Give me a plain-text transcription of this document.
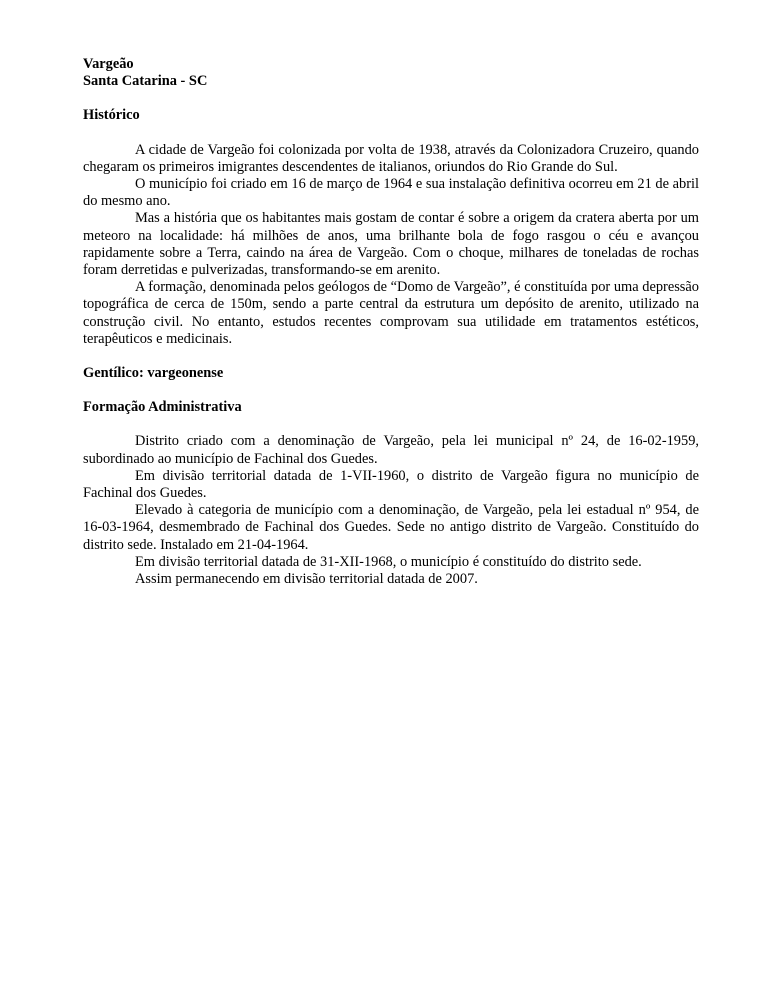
Vargeão

Santa Catarina - SC

Histórico

A cidade de Vargeão foi colonizada por volta de 1938, através da Colonizadora Cruzeiro, quando chegaram os primeiros imigrantes descendentes de italianos, oriundos do Rio Grande do Sul.

O município foi criado em 16 de março de 1964 e sua instalação definitiva ocorreu em 21 de abril do mesmo ano.

Mas a história que os habitantes mais gostam de contar é sobre a origem da cratera aberta por um meteoro na localidade: há milhões de anos, uma brilhante bola de fogo rasgou o céu e avançou rapidamente sobre a Terra, caindo na área de Vargeão. Com o choque, milhares de toneladas de rochas foram derretidas e pulverizadas, transformando-se em arenito.

A formação, denominada pelos geólogos de “Domo de Vargeão”, é constituída por uma depressão topográfica de cerca de 150m, sendo a parte central da estrutura um depósito de arenito, utilizado na construção civil. No entanto, estudos recentes comprovam sua utilidade em tratamentos estéticos, terapêuticos e medicinais.

Gentílico: vargeonense

Formação Administrativa

Distrito criado com a denominação de Vargeão, pela lei municipal nº 24, de 16-02-1959, subordinado ao município de Fachinal dos Guedes.

Em divisão territorial datada de 1-VII-1960, o distrito de Vargeão figura no município de Fachinal dos Guedes.

Elevado à categoria de município com a denominação, de Vargeão, pela lei estadual nº 954, de 16-03-1964, desmembrado de Fachinal dos Guedes. Sede no antigo distrito de Vargeão. Constituído do distrito sede. Instalado em 21-04-1964.

Em divisão territorial datada de 31-XII-1968, o município é constituído do distrito sede.

Assim permanecendo em divisão territorial datada de 2007.
